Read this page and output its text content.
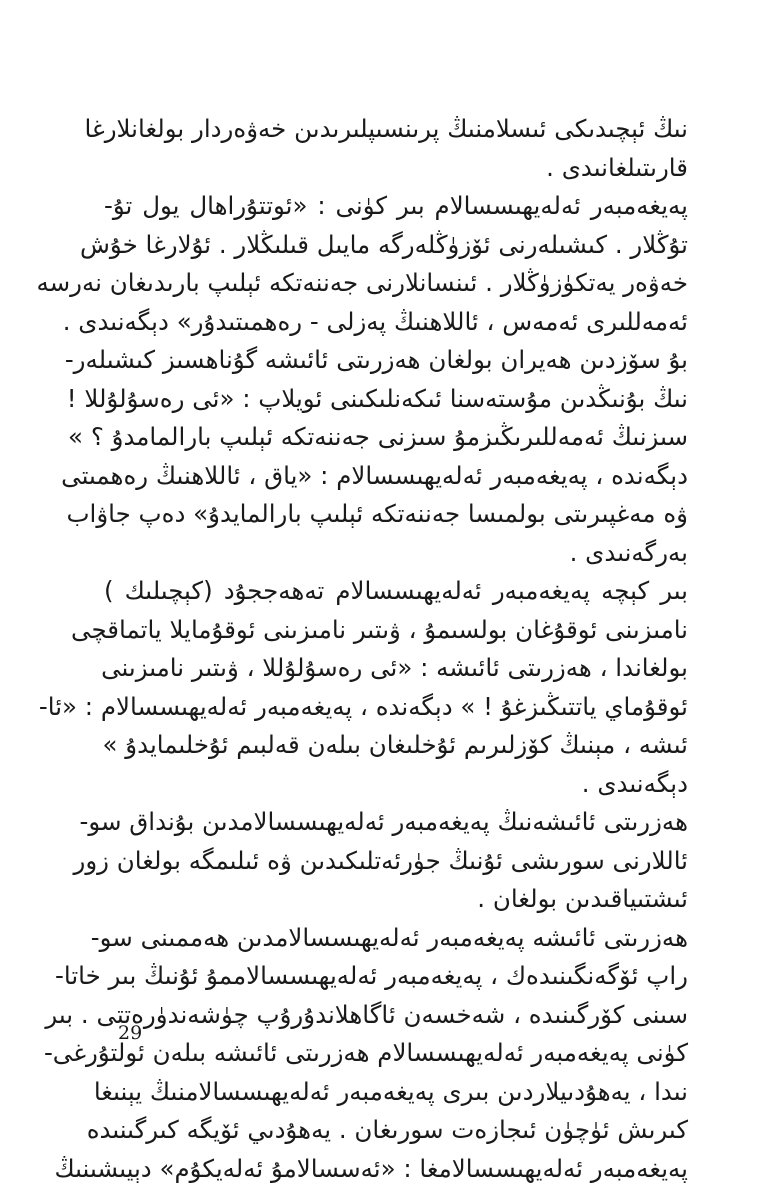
نىڭ ئېچىدىكى ئىسلامنىڭ پرىنسىپلىرىدىن خەۋەردار بولغانلارغا
قارىتىلغانىدى .
پەيغەمبەر ئەلەيھىسسالام بىر كۈنى : «ئوتتۇراھال يول تۇ-
تۇڭلار . كىشىلەرنى ئۆزۈڭلەرگە مايىل قىلىڭلار . ئۇلارغا خۇش
خەۋەر يەتكۈزۈڭلار . ئىنسانلارنى جەننەتكە ئېلىپ بارىدىغان نەرسە
ئەمەللىرى ئەمەس ، ئاللاھنىڭ پەزلى - رەھمىتىدۇر» دېگەنىدى .
بۇ سۆزدىن ھەيران بولغان ھەزرىتى ئائىشە گۇناھسىز كىشىلەر-
نىڭ بۇنىڭدىن مۇستەسنا ئىكەنلىكىنى ئويلاپ : «ئى رەسۇلۇللا !
سىزنىڭ ئەمەللىرىڭىزمۇ سىزنى جەننەتكە ئېلىپ بارالمامدۇ ؟ »
دېگەندە ، پەيغەمبەر ئەلەيھىسسالام : «ياق ، ئاللاھنىڭ رەھمىتى
ۋە مەغپىرىتى بولمىسا جەننەتكە ئېلىپ بارالمايدۇ» دەپ جاۋاب
بەرگەنىدى .
بىر كېچە پەيغەمبەر ئەلەيھىسسالام تەھەججۇد (كېچىلىك )
نامىزىنى ئوقۇغان بولسىمۇ ، ۋىتىر نامىزىنى ئوقۇمايلا ياتماقچى
بولغاندا ، ھەزرىتى ئائىشە : «ئى رەسۇلۇللا ، ۋىتىر نامىزىنى
ئوقۇماي ياتتىڭىزغۇ ! » دېگەندە ، پەيغەمبەر ئەلەيھىسسالام : «ئا-
ئىشە ، مېنىڭ كۆزلىرىم ئۇخلىغان بىلەن قەلبىم ئۇخلىمايدۇ »
دېگەنىدى .
ھەزرىتى ئائىشەنىڭ پەيغەمبەر ئەلەيھىسسالامدىن بۇنداق سو-
ئاللارنى سورىشى ئۇنىڭ جۈرئەتلىكىدىن ۋە ئىلىمگە بولغان زور
ئىشتىياقىدىن بولغان .
ھەزرىتى ئائىشە پەيغەمبەر ئەلەيھىسسالامدىن ھەممىنى سو-
راپ ئۆگەنگىنىدەك ، پەيغەمبەر ئەلەيھىسسالاممۇ ئۇنىڭ بىر خاتا-
سىنى كۆرگىنىدە ، شەخسەن ئاگاھلاندۇرۇپ چۈشەندۈرەتتى . بىر
كۈنى پەيغەمبەر ئەلەيھىسسالام ھەزرىتى ئائىشە بىلەن ئولتۇرغى-
نىدا ، يەھۇدىيلاردىن بىرى پەيغەمبەر ئەلەيھىسسالامنىڭ يېنىغا
كىرىش ئۈچۈن ئىجازەت سورىغان . يەھۇدىي ئۆيگە كىرگىنىدە
پەيغەمبەر ئەلەيھىسسالامغا : «ئەسسالامۇ ئەلەيكۇم» دېيىشىنىڭ
29
